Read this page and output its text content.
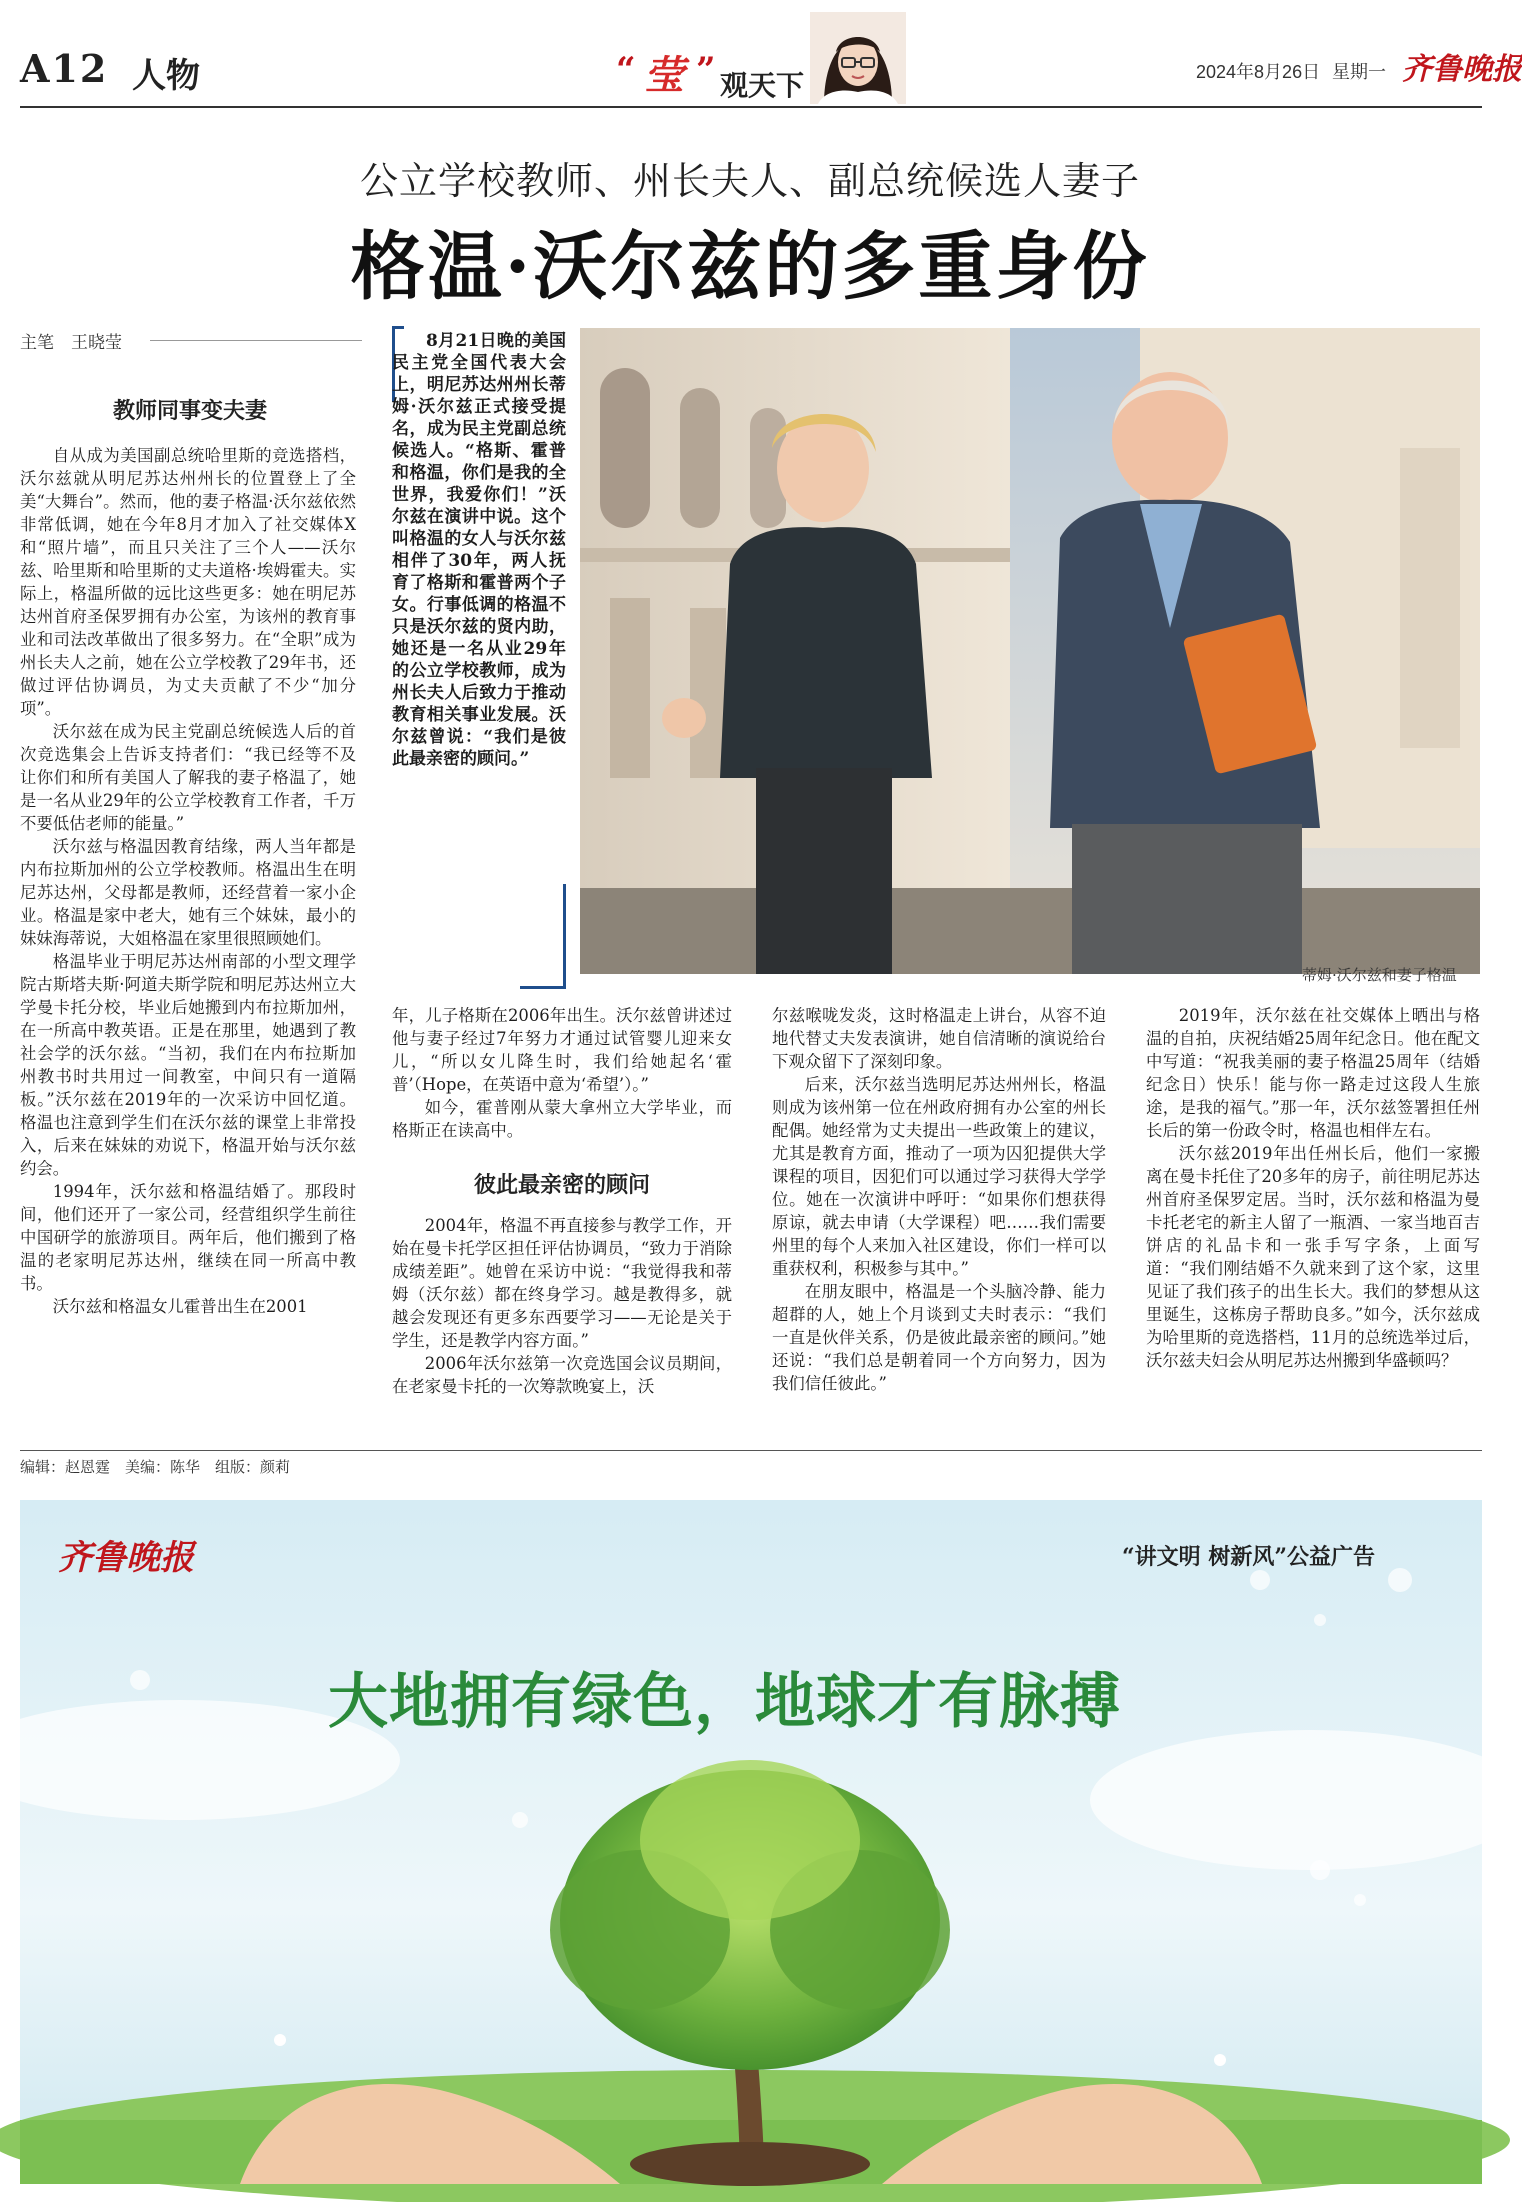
A12 人物	“ 莹 ” 观天下	2024年8月26日 星期一 齐鲁晚报
公立学校教师、州长夫人、副总统候选人妻子
格温·沃尔兹的多重身份
主笔　王晓莹
教师同事变夫妻

自从成为美国副总统哈里斯的竞选搭档，沃尔兹就从明尼苏达州州长的位置登上了全美“大舞台”。然而，他的妻子格温·沃尔兹依然非常低调，她在今年8月才加入了社交媒体X和“照片墙”，而且只关注了三个人——沃尔兹、哈里斯和哈里斯的丈夫道格·埃姆霍夫。实际上，格温所做的远比这些更多：她在明尼苏达州首府圣保罗拥有办公室，为该州的教育事业和司法改革做出了很多努力。在“全职”成为州长夫人之前，她在公立学校教了29年书，还做过评估协调员，为丈夫贡献了不少“加分项”。

沃尔兹在成为民主党副总统候选人后的首次竞选集会上告诉支持者们：“我已经等不及让你们和所有美国人了解我的妻子格温了，她是一名从业29年的公立学校教育工作者，千万不要低估老师的能量。”

沃尔兹与格温因教育结缘，两人当年都是内布拉斯加州的公立学校教师。格温出生在明尼苏达州，父母都是教师，还经营着一家小企业。格温是家中老大，她有三个妹妹，最小的妹妹海蒂说，大姐格温在家里很照顾她们。

格温毕业于明尼苏达州南部的小型文理学院古斯塔夫斯·阿道夫斯学院和明尼苏达州立大学曼卡托分校，毕业后她搬到内布拉斯加州，在一所高中教英语。正是在那里，她遇到了教社会学的沃尔兹。“当初，我们在内布拉斯加州教书时共用过一间教室，中间只有一道隔板。”沃尔兹在2019年的一次采访中回忆道。格温也注意到学生们在沃尔兹的课堂上非常投入，后来在妹妹的劝说下，格温开始与沃尔兹约会。

1994年，沃尔兹和格温结婚了。那段时间，他们还开了一家公司，经营组织学生前往中国研学的旅游项目。两年后，他们搬到了格温的老家明尼苏达州，继续在同一所高中教书。

沃尔兹和格温女儿霍普出生在2001

8月21日晚的美国民主党全国代表大会上，明尼苏达州州长蒂姆·沃尔兹正式接受提名，成为民主党副总统候选人。“格斯、霍普和格温，你们是我的全世界，我爱你们！”沃尔兹在演讲中说。这个叫格温的女人与沃尔兹相伴了30年，两人抚育了格斯和霍普两个子女。行事低调的格温不只是沃尔兹的贤内助，她还是一名从业29年的公立学校教师，成为州长夫人后致力于推动教育相关事业发展。沃尔兹曾说：“我们是彼此最亲密的顾问。”
蒂姆·沃尔兹和妻子格温

年，儿子格斯在2006年出生。沃尔兹曾讲述过他与妻子经过7年努力才通过试管婴儿迎来女儿，“所以女儿降生时，我们给她起名‘霍普’（Hope，在英语中意为‘希望’）。”

如今，霍普刚从蒙大拿州立大学毕业，而格斯正在读高中。

彼此最亲密的顾问

2004年，格温不再直接参与教学工作，开始在曼卡托学区担任评估协调员，“致力于消除成绩差距”。她曾在采访中说：“我觉得我和蒂姆（沃尔兹）都在终身学习。越是教得多，就越会发现还有更多东西要学习——无论是关于学生，还是教学内容方面。”

2006年沃尔兹第一次竞选国会议员期间，在老家曼卡托的一次筹款晚宴上，沃

尔兹喉咙发炎，这时格温走上讲台，从容不迫地代替丈夫发表演讲，她自信清晰的演说给台下观众留下了深刻印象。

后来，沃尔兹当选明尼苏达州州长，格温则成为该州第一位在州政府拥有办公室的州长配偶。她经常为丈夫提出一些政策上的建议，尤其是教育方面，推动了一项为囚犯提供大学课程的项目，因犯们可以通过学习获得大学学位。她在一次演讲中呼吁：“如果你们想获得原谅，就去申请（大学课程）吧……我们需要州里的每个人来加入社区建设，你们一样可以重获权利，积极参与其中。”

在朋友眼中，格温是一个头脑冷静、能力超群的人，她上个月谈到丈夫时表示：“我们一直是伙伴关系，仍是彼此最亲密的顾问。”她还说：“我们总是朝着同一个方向努力，因为我们信任彼此。”

2019年，沃尔兹在社交媒体上晒出与格温的自拍，庆祝结婚25周年纪念日。他在配文中写道：“祝我美丽的妻子格温25周年（结婚纪念日）快乐！能与你一路走过这段人生旅途，是我的福气。”那一年，沃尔兹签署担任州长后的第一份政令时，格温也相伴左右。

沃尔兹2019年出任州长后，他们一家搬离在曼卡托住了20多年的房子，前往明尼苏达州首府圣保罗定居。当时，沃尔兹和格温为曼卡托老宅的新主人留了一瓶酒、一家当地百吉饼店的礼品卡和一张手写字条，上面写道：“我们刚结婚不久就来到了这个家，这里见证了我们孩子的出生长大。我们的梦想从这里诞生，这栋房子帮助良多。”如今，沃尔兹成为哈里斯的竞选搭档，11月的总统选举过后，沃尔兹夫妇会从明尼苏达州搬到华盛顿吗？

编辑：赵恩霆　美编：陈华　组版：颜莉
齐鲁晚报	“讲文明 树新风”公益广告
大地拥有绿色，地球才有脉搏
